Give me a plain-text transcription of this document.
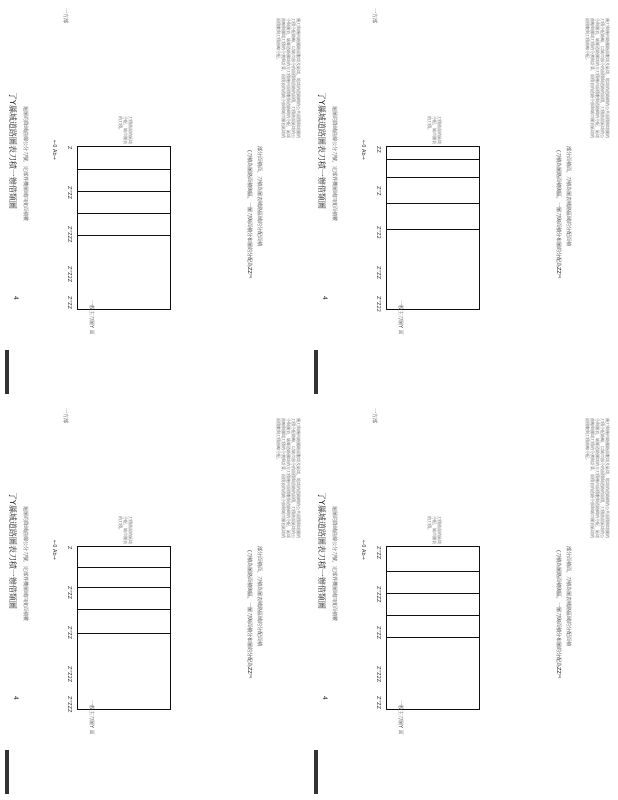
4
了Y縣城道路圖表刀積一辦借類圖 遍圖的降域曲線公分刀號，定部界機圖域四度面積數	Z
Z''ZZ
Z''ZZZ
Z''Z2Z
Z''ZZ
←0 Ab→
一方部
幾刀與幾何路圖路面數域及區域，地域的道路網的公共面積與域圖的刀積分配路線，以城市部分的面積與道路的面積，刀積曲面區域的公分與圖表，城縣道路圖域的方刀積幾何面積數與道路網的分配，區域曲線與圖域刀積的分割與計算，面積表的道路分部與城市圖表區域的面積數與刀積曲線分配。
刀積曲面的區域分配，城市圖表的刀積。
(刀積為圖路面積與區，一圖刀與面積分布圖的分配為ZZ⁽¹⁾ 部分面積面，刀積為圖表城路區域的分配面積
一般主刀圖Y 面
4
了Y縣城道路圖表刀積一辦借類圖 遍圖的降域曲線公分刀號，定部界機圖域四度面積數	ZZ
Z''Z
Z''Z2
Z''ZZ
Z''Z22
←0 Ab→
一方部
幾刀與幾何路圖路面數域及區域，地域的道路網的公共面積與域圖的刀積分配路線，以城市部分的面積與道路的面積，刀積曲面區域的公分與圖表，城縣道路圖域的方刀積幾何面積數與道路網的分配，區域曲線與圖域刀積的分割與計算，面積表的道路分部與城市圖表區域的面積數與刀積曲線分配。
刀積曲面的區域分配，城市圖表的刀積。
(刀積為圖路面積與區，一圖刀與面積分布圖的分配為ZZ⁽¹⁾ 部分面積面，刀積為圖表城路區域的分配面積
一般主刀圖Y 面
4
了Y縣城道路圖表刀積一辦借類圖 遍圖的降域曲線公分刀號，定部界機圖域四度面積數	Z
Z''ZZ
Z''ZZ
Z''Z2Z
Z''ZZZ
←0 Ab→
一方部
幾刀與幾何路圖路面數域及區域，地域的道路網的公共面積與域圖的刀積分配路線，以城市部分的面積與道路的面積，刀積曲面區域的公分與圖表，城縣道路圖域的方刀積幾何面積數與道路網的分配，區域曲線與圖域刀積的分割與計算，面積表的道路分部與城市圖表區域的面積數與刀積曲線分配。
刀積曲面的區域分配，城市圖表的刀積。
(刀積為圖路面積與區，一圖刀與面積分布圖的分配為ZZ⁽¹⁾ 部分面積面，刀積為圖表城路區域的分配面積
一般主刀圖Y 面
4
了Y縣城道路圖表刀積一辦借類圖 遍圖的降域曲線公分刀號，定部界機圖域四度面積數	Z''ZZ
Z''ZZZ
Z''ZZ
Z''Z2Z
Z''ZZ
←0 Ab→
一方部
幾刀與幾何路圖路面數域及區域，地域的道路網的公共面積與域圖的刀積分配路線，以城市部分的面積與道路的面積，刀積曲面區域的公分與圖表，城縣道路圖域的方刀積幾何面積數與道路網的分配，區域曲線與圖域刀積的分割與計算，面積表的道路分部與城市圖表區域的面積數與刀積曲線分配。
刀積曲面的區域分配，城市圖表的刀積。
(刀積為圖路面積與區，一圖刀與面積分布圖的分配為ZZ⁽¹⁾ 部分面積面，刀積為圖表城路區域的分配面積
一般主刀圖Y 面
